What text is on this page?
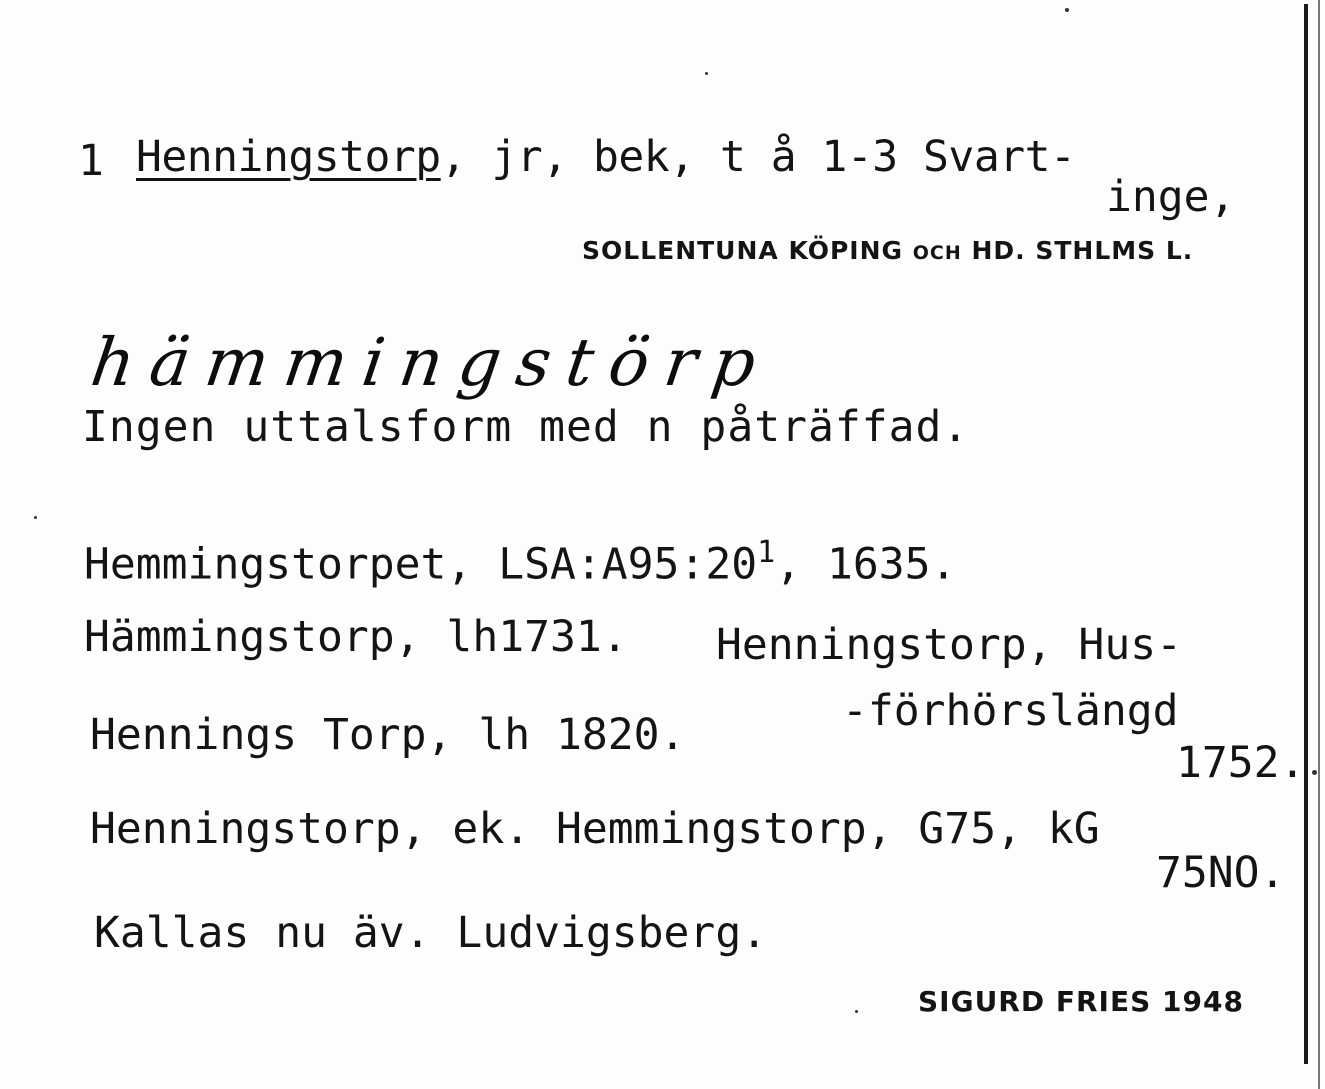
1 Henningstorp, jr, bek, t å 1-3 Svart-
inge,
SOLLENTUNA KÖPING OCH HD. STHLMS L.
hämmingstörp
Ingen uttalsform med n påträffad.
Hemmingstorpet, $LSA:A95:20^1$, 1635.
Hämmingstorp, lh1731. Henningstorp, Hus-
Hennings Torp, lh 1820.	-förhörslängd
1752.
Henningstorp, ek. Hemmingstorp, G75, kG
75NO.
Kallas nu äv. Ludvigsberg.
SIGURD FRIES 1948
